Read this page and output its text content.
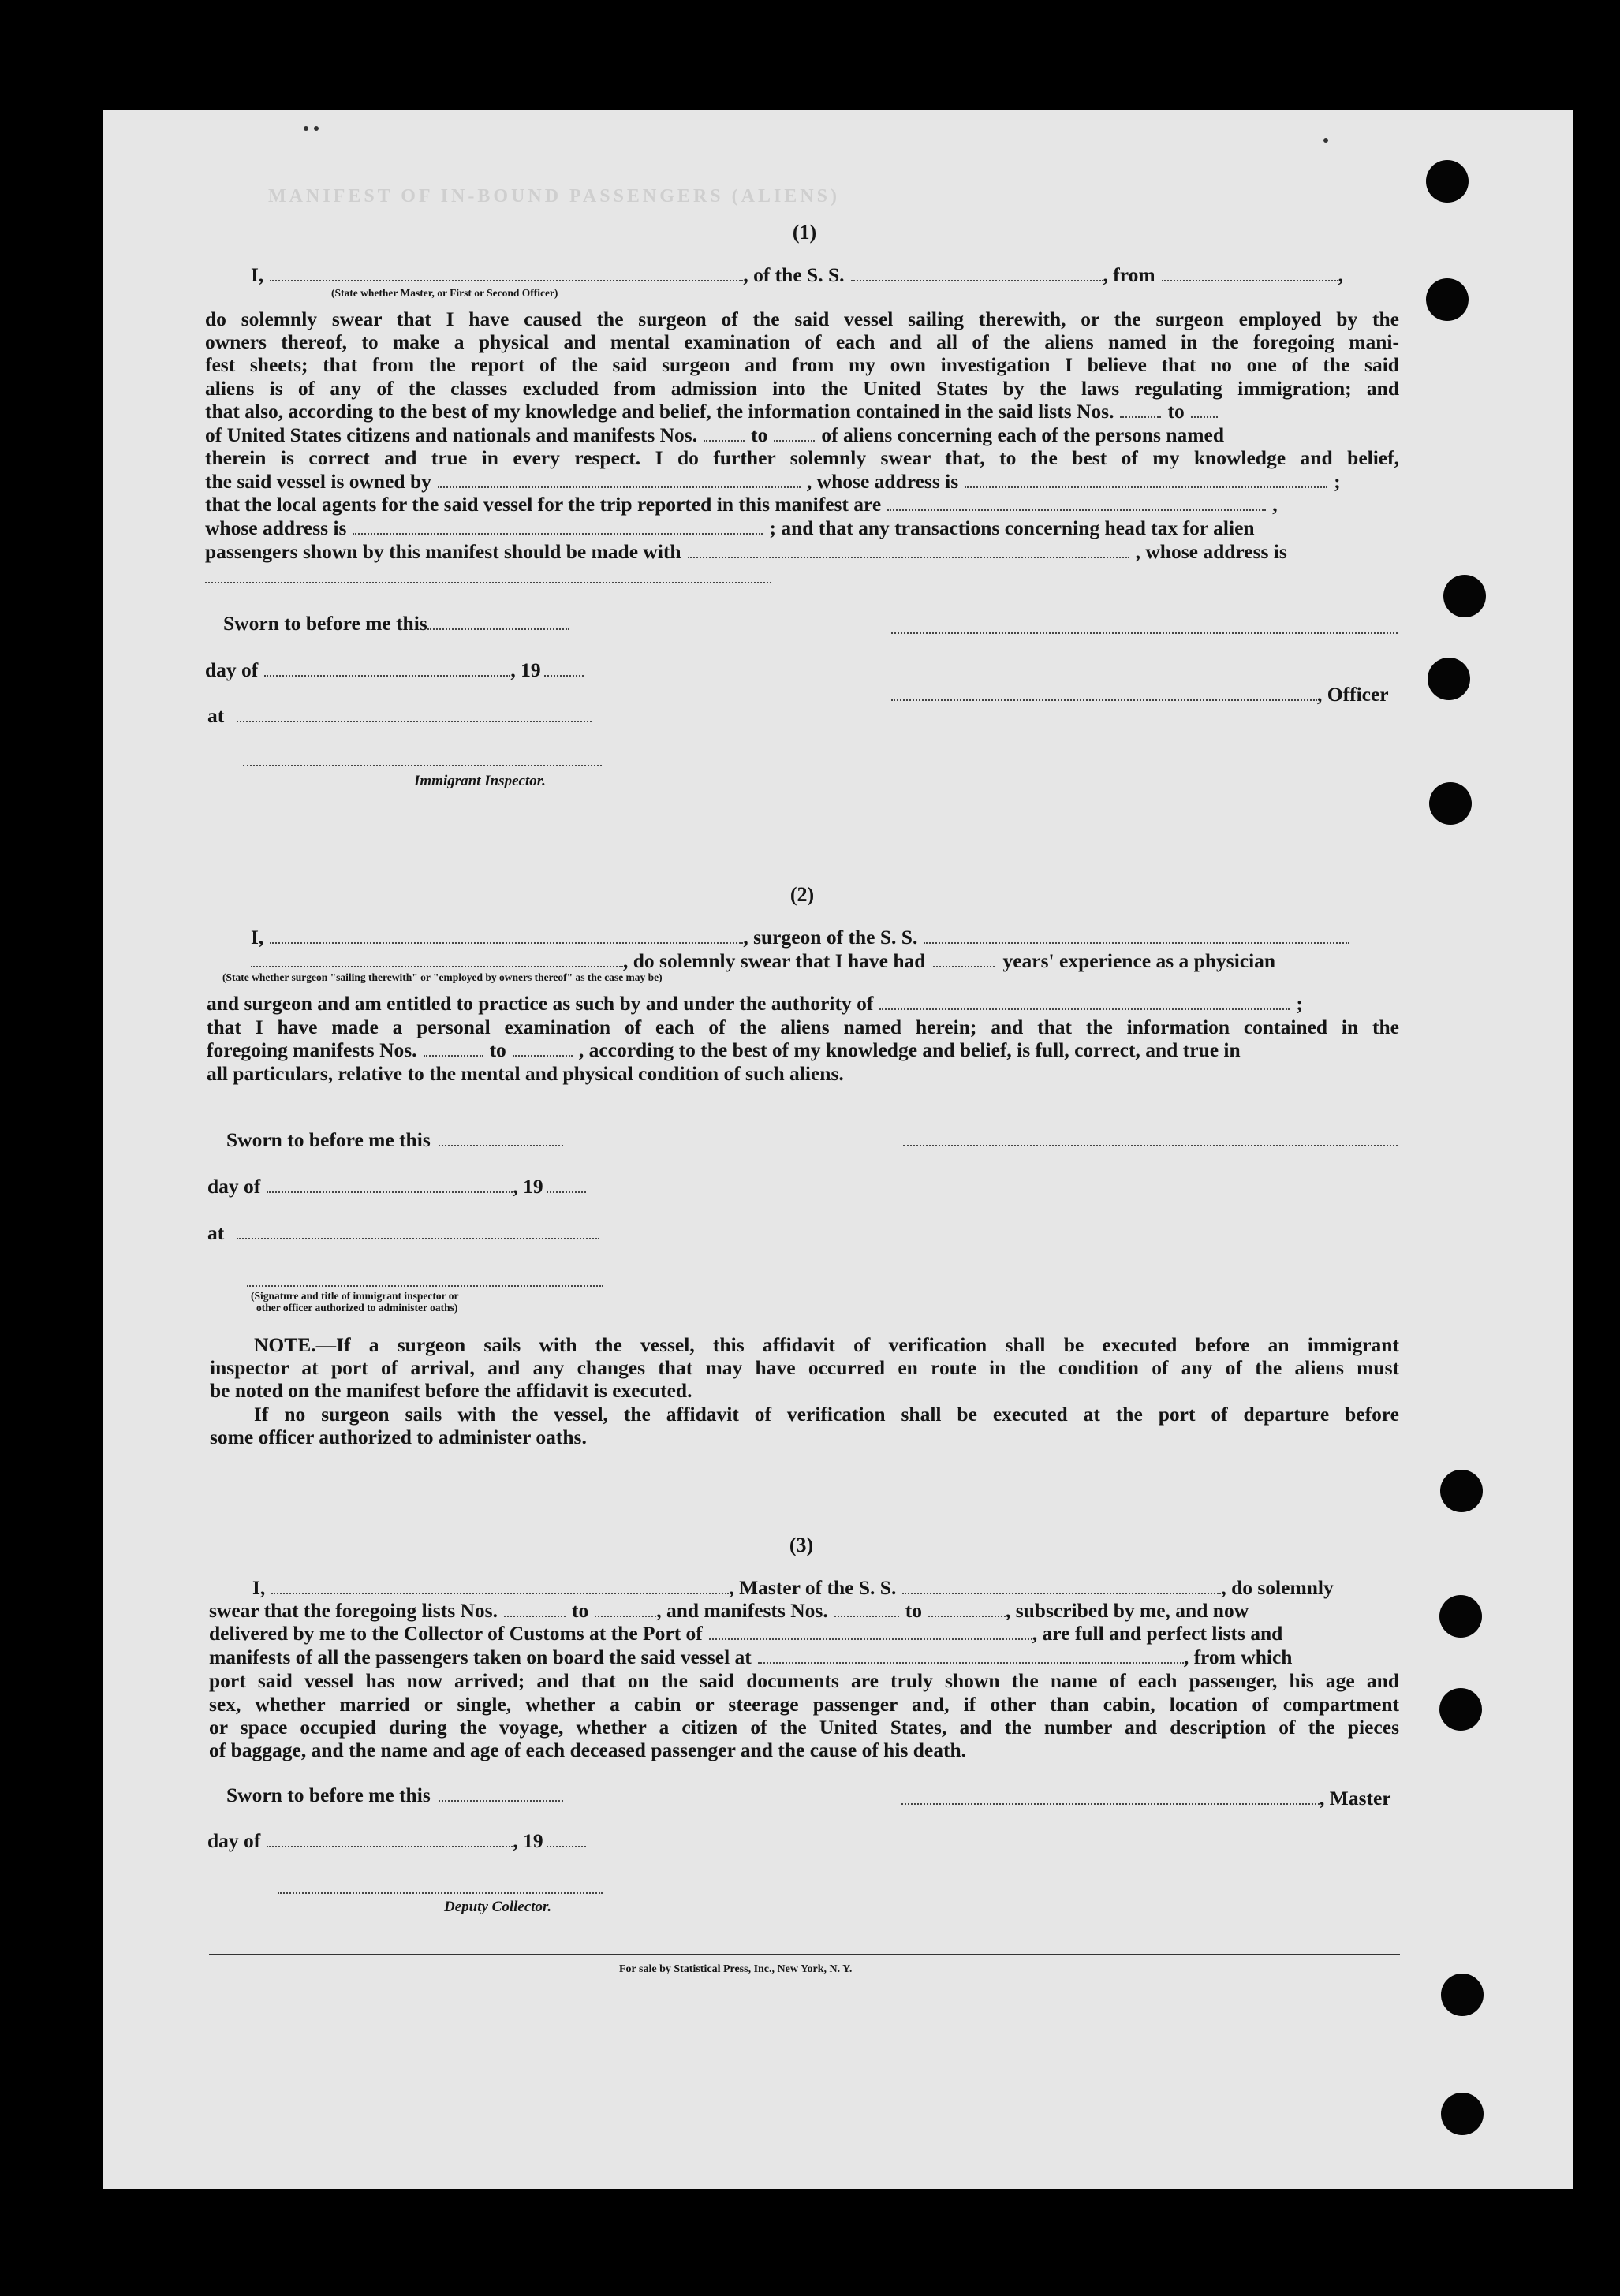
MANIFEST OF IN-BOUND PASSENGERS (ALIENS)
(1)
I,	, of the S. S.	, from	,
(State whether Master, or First or Second Officer)
do solemnly swear that I have caused the surgeon of the said vessel sailing therewith, or the surgeon employed by the
owners thereof, to make a physical and mental examination of each and all of the aliens named in the foregoing mani-
fest sheets; that from the report of the said surgeon and from my own investigation I believe that no one of the said
aliens is of any of the classes excluded from admission into the United States by the laws regulating immigration; and
that also, according to the best of my knowledge and belief, the information contained in the said lists Nos.	to
of United States citizens and nationals and manifests Nos.	to	of aliens concerning each of the persons named
therein is correct and true in every respect. I do further solemnly swear that, to the best of my knowledge and belief,
the said vessel is owned by	, whose address is	;
that the local agents for the said vessel for the trip reported in this manifest are	,
whose address is	; and that any transactions concerning head tax for alien
passengers shown by this manifest should be made with	, whose address is
Sworn to before me this
day of	, 19
, Officer
at
Immigrant Inspector.
(2)
I,	, surgeon of the S. S.
, do solemnly swear that I have had	years' experience as a physician
(State whether surgeon "sailing therewith" or "employed by owners thereof" as the case may be)
and surgeon and am entitled to practice as such by and under the authority of	;
that I have made a personal examination of each of the aliens named herein; and that the information contained in the
foregoing manifests Nos.	to	, according to the best of my knowledge and belief, is full, correct, and true in
all particulars, relative to the mental and physical condition of such aliens.
Sworn to before me this
day of	, 19
at
(Signature and title of immigrant inspector or
other officer authorized to administer oaths)
NOTE.—If a surgeon sails with the vessel, this affidavit of verification shall be executed before an immigrant
inspector at port of arrival, and any changes that may have occurred en route in the condition of any of the aliens must
be noted on the manifest before the affidavit is executed.
If no surgeon sails with the vessel, the affidavit of verification shall be executed at the port of departure before
some officer authorized to administer oaths.
(3)
I,	, Master of the S. S.	, do solemnly
swear that the foregoing lists Nos.	to	, and manifests Nos.	to	, subscribed by me, and now
delivered by me to the Collector of Customs at the Port of	, are full and perfect lists and
manifests of all the passengers taken on board the said vessel at	, from which
port said vessel has now arrived; and that on the said documents are truly shown the name of each passenger, his age and
sex, whether married or single, whether a cabin or steerage passenger and, if other than cabin, location of compartment
or space occupied during the voyage, whether a citizen of the United States, and the number and description of the pieces
of baggage, and the name and age of each deceased passenger and the cause of his death.
Sworn to before me this	, Master
day of	, 19
Deputy Collector.
For sale by Statistical Press, Inc., New York, N. Y.
